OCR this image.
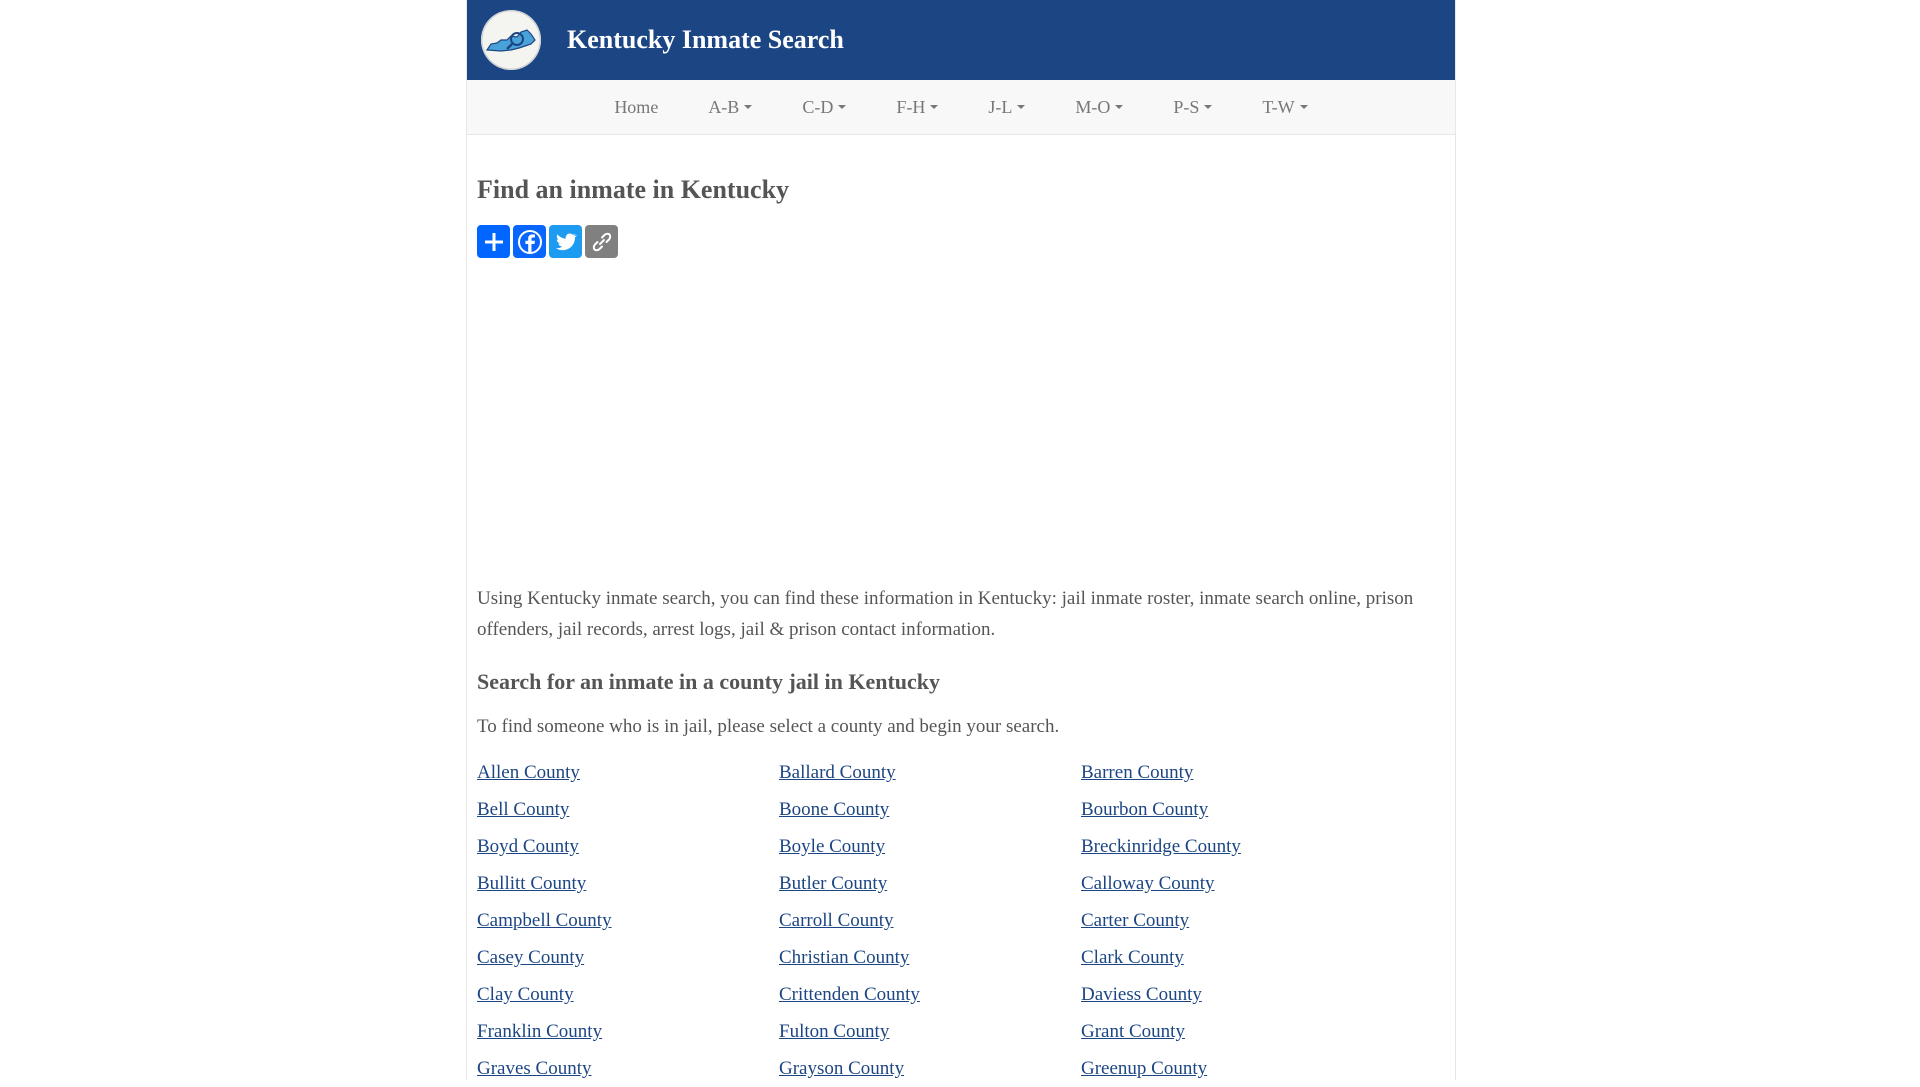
Kentucky Inmate Search
Home	A-B	C-D	F-H	J-L	M-O	P-S	T-W
Find an inmate in Kentucky

Using Kentucky inmate search, you can find these information in Kentucky: jail inmate roster, inmate search online, prison offenders, jail records, arrest logs, jail & prison contact information.

Search for an inmate in a county jail in Kentucky

To find someone who is in jail, please select a county and begin your search.

Allen County	Ballard County	Barren County
Bell County	Boone County	Bourbon County
Boyd County	Boyle County	Breckinridge County
Bullitt County	Butler County	Calloway County
Campbell County	Carroll County	Carter County
Casey County	Christian County	Clark County
Clay County	Crittenden County	Daviess County
Franklin County	Fulton County	Grant County
Graves County	Grayson County	Greenup County
